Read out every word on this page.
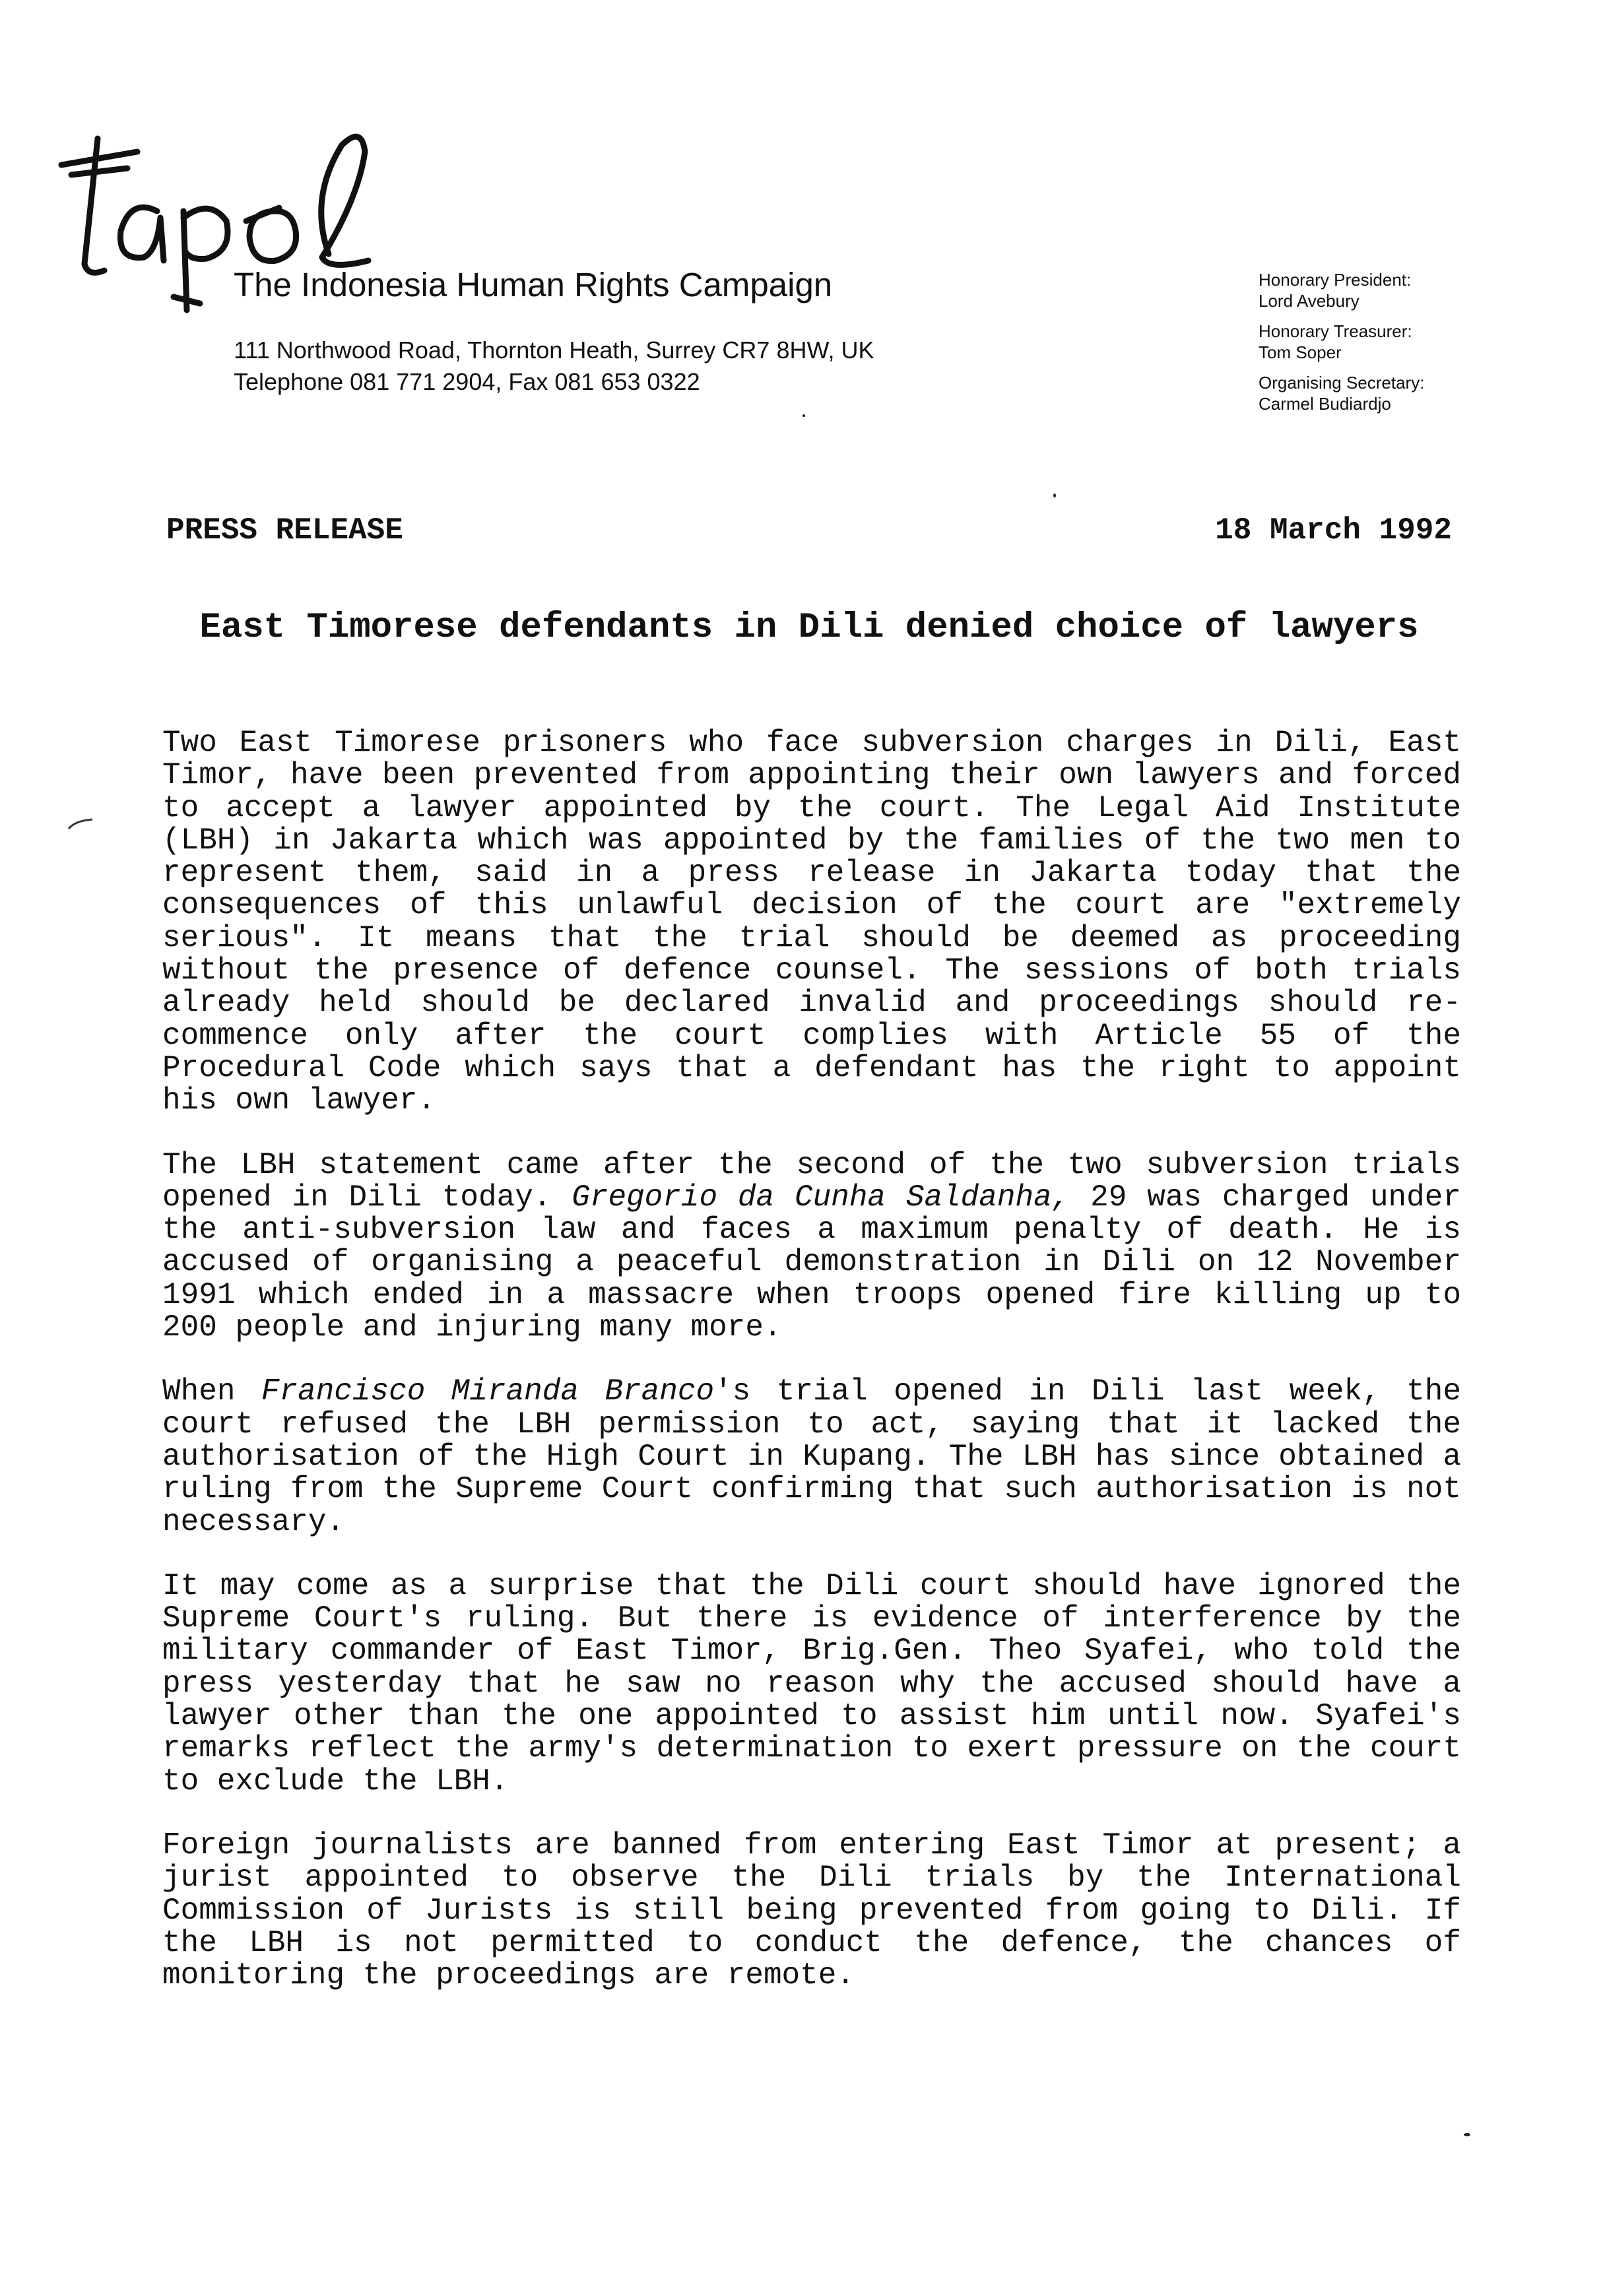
The Indonesia Human Rights Campaign
111 Northwood Road, Thornton Heath, Surrey CR7 8HW, UK
Telephone 081 771 2904, Fax 081 653 0322
Honorary President:
Lord Avebury
Honorary Treasurer:
Tom Soper
Organising Secretary:
Carmel Budiardjo
PRESS RELEASE	18 March 1992
East Timorese defendants in Dili denied choice of lawyers

Two East Timorese prisoners who face subversion charges in Dili, East Timor, have been prevented from appointing their own lawyers and forced to accept a lawyer appointed by the court. The Legal Aid Institute (LBH) in Jakarta which was appointed by the families of the two men to represent them, said in a press release in Jakarta today that the consequences of this unlawful decision of the court are "extremely serious". It means that the trial should be deemed as proceeding without the presence of defence counsel. The sessions of both trials already held should be declared invalid and proceedings should re-commence only after the court complies with Article 55 of the Procedural Code which says that a defendant has the right to appoint his own lawyer.

The LBH statement came after the second of the two subversion trials opened in Dili today. Gregorio da Cunha Saldanha, 29 was charged under the anti-subversion law and faces a maximum penalty of death. He is accused of organising a peaceful demonstration in Dili on 12 November 1991 which ended in a massacre when troops opened fire killing up to 200 people and injuring many more.

When Francisco Miranda Branco's trial opened in Dili last week, the court refused the LBH permission to act, saying that it lacked the authorisation of the High Court in Kupang. The LBH has since obtained a ruling from the Supreme Court confirming that such authorisation is not necessary.

It may come as a surprise that the Dili court should have ignored the Supreme Court's ruling. But there is evidence of interference by the military commander of East Timor, Brig.Gen. Theo Syafei, who told the press yesterday that he saw no reason why the accused should have a lawyer other than the one appointed to assist him until now. Syafei's remarks reflect the army's determination to exert pressure on the court to exclude the LBH.

Foreign journalists are banned from entering East Timor at present; a jurist appointed to observe the Dili trials by the International Commission of Jurists is still being prevented from going to Dili. If the LBH is not permitted to conduct the defence, the chances of monitoring the proceedings are remote.
